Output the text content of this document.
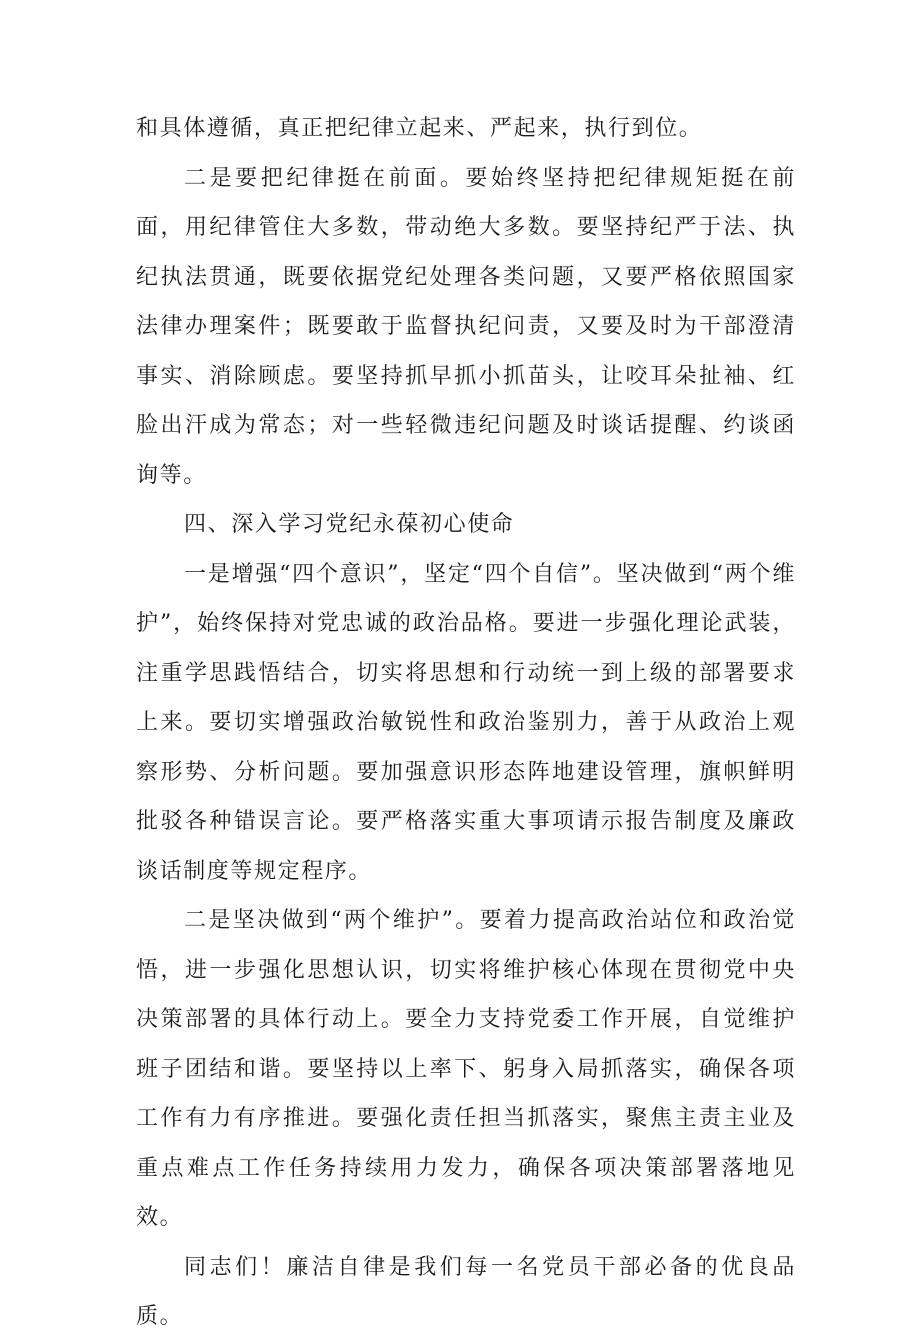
和具体遵循，真正把纪律立起来、严起来，执行到位。

二是要把纪律挺在前面。要始终坚持把纪律规矩挺在前面，用纪律管住大多数，带动绝大多数。要坚持纪严于法、执纪执法贯通，既要依据党纪处理各类问题，又要严格依照国家法律办理案件；既要敢于监督执纪问责，又要及时为干部澄清事实、消除顾虑。要坚持抓早抓小抓苗头，让咬耳朵扯袖、红脸出汗成为常态；对一些轻微违纪问题及时谈话提醒、约谈函询等。

四、深入学习党纪永葆初心使命

一是增强“四个意识”，坚定“四个自信”。坚决做到“两个维护”，始终保持对党忠诚的政治品格。要进一步强化理论武装，注重学思践悟结合，切实将思想和行动统一到上级的部署要求上来。要切实增强政治敏锐性和政治鉴别力，善于从政治上观察形势、分析问题。要加强意识形态阵地建设管理，旗帜鲜明批驳各种错误言论。要严格落实重大事项请示报告制度及廉政谈话制度等规定程序。

二是坚决做到“两个维护”。要着力提高政治站位和政治觉悟，进一步强化思想认识，切实将维护核心体现在贯彻党中央决策部署的具体行动上。要全力支持党委工作开展，自觉维护班子团结和谐。要坚持以上率下、躬身入局抓落实，确保各项工作有力有序推进。要强化责任担当抓落实，聚焦主责主业及重点难点工作任务持续用力发力，确保各项决策部署落地见效。

同志们！廉洁自律是我们每一名党员干部必备的优良品质。
